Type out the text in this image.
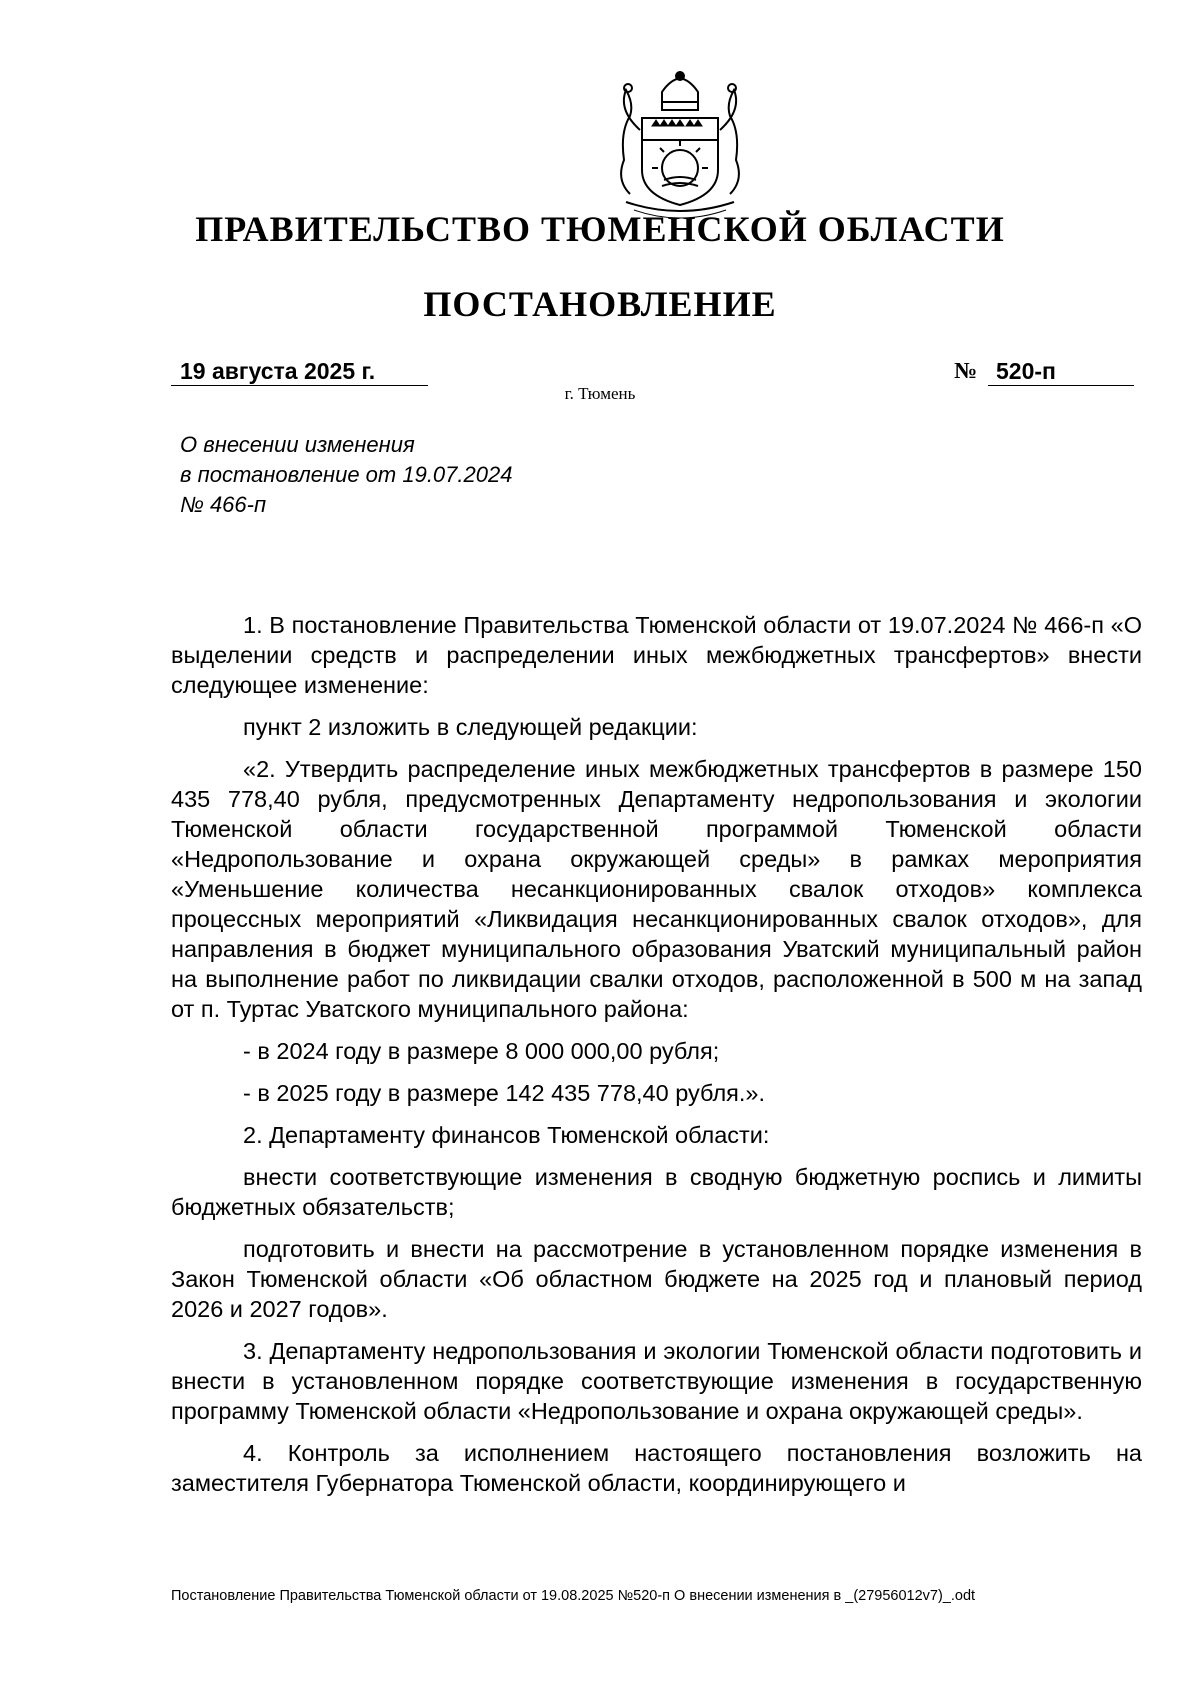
ПРАВИТЕЛЬСТВО ТЮМЕНСКОЙ ОБЛАСТИ
ПОСТАНОВЛЕНИЕ
19 августа 2025 г.	№ 520-п
г. Тюмень
О внесении изменения
в постановление от 19.07.2024
№ 466-п

1. В постановление Правительства Тюменской области от 19.07.2024 № 466-п «О выделении средств и распределении иных межбюджетных трансфертов» внести следующее изменение:

пункт 2 изложить в следующей редакции:

«2. Утвердить распределение иных межбюджетных трансфертов в размере 150 435 778,40 рубля, предусмотренных Департаменту недропользования и экологии Тюменской области государственной программой Тюменской области «Недропользование и охрана окружающей среды» в рамках мероприятия «Уменьшение количества несанкционированных свалок отходов» комплекса процессных мероприятий «Ликвидация несанкционированных свалок отходов», для направления в бюджет муниципального образования Уватский муниципальный район на выполнение работ по ликвидации свалки отходов, расположенной в 500 м на запад от п. Туртас Уватского муниципального района:

- в 2024 году в размере 8 000 000,00 рубля;

- в 2025 году в размере 142 435 778,40 рубля.».

2. Департаменту финансов Тюменской области:

внести соответствующие изменения в сводную бюджетную роспись и лимиты бюджетных обязательств;

подготовить и внести на рассмотрение в установленном порядке изменения в Закон Тюменской области «Об областном бюджете на 2025 год и плановый период 2026 и 2027 годов».

3. Департаменту недропользования и экологии Тюменской области подготовить и внести в установленном порядке соответствующие изменения в государственную программу Тюменской области «Недропользование и охрана окружающей среды».

4. Контроль за исполнением настоящего постановления возложить на заместителя Губернатора Тюменской области, координирующего и

Постановление Правительства Тюменской области от 19.08.2025 №520-п О внесении изменения в _(27956012v7)_.odt
